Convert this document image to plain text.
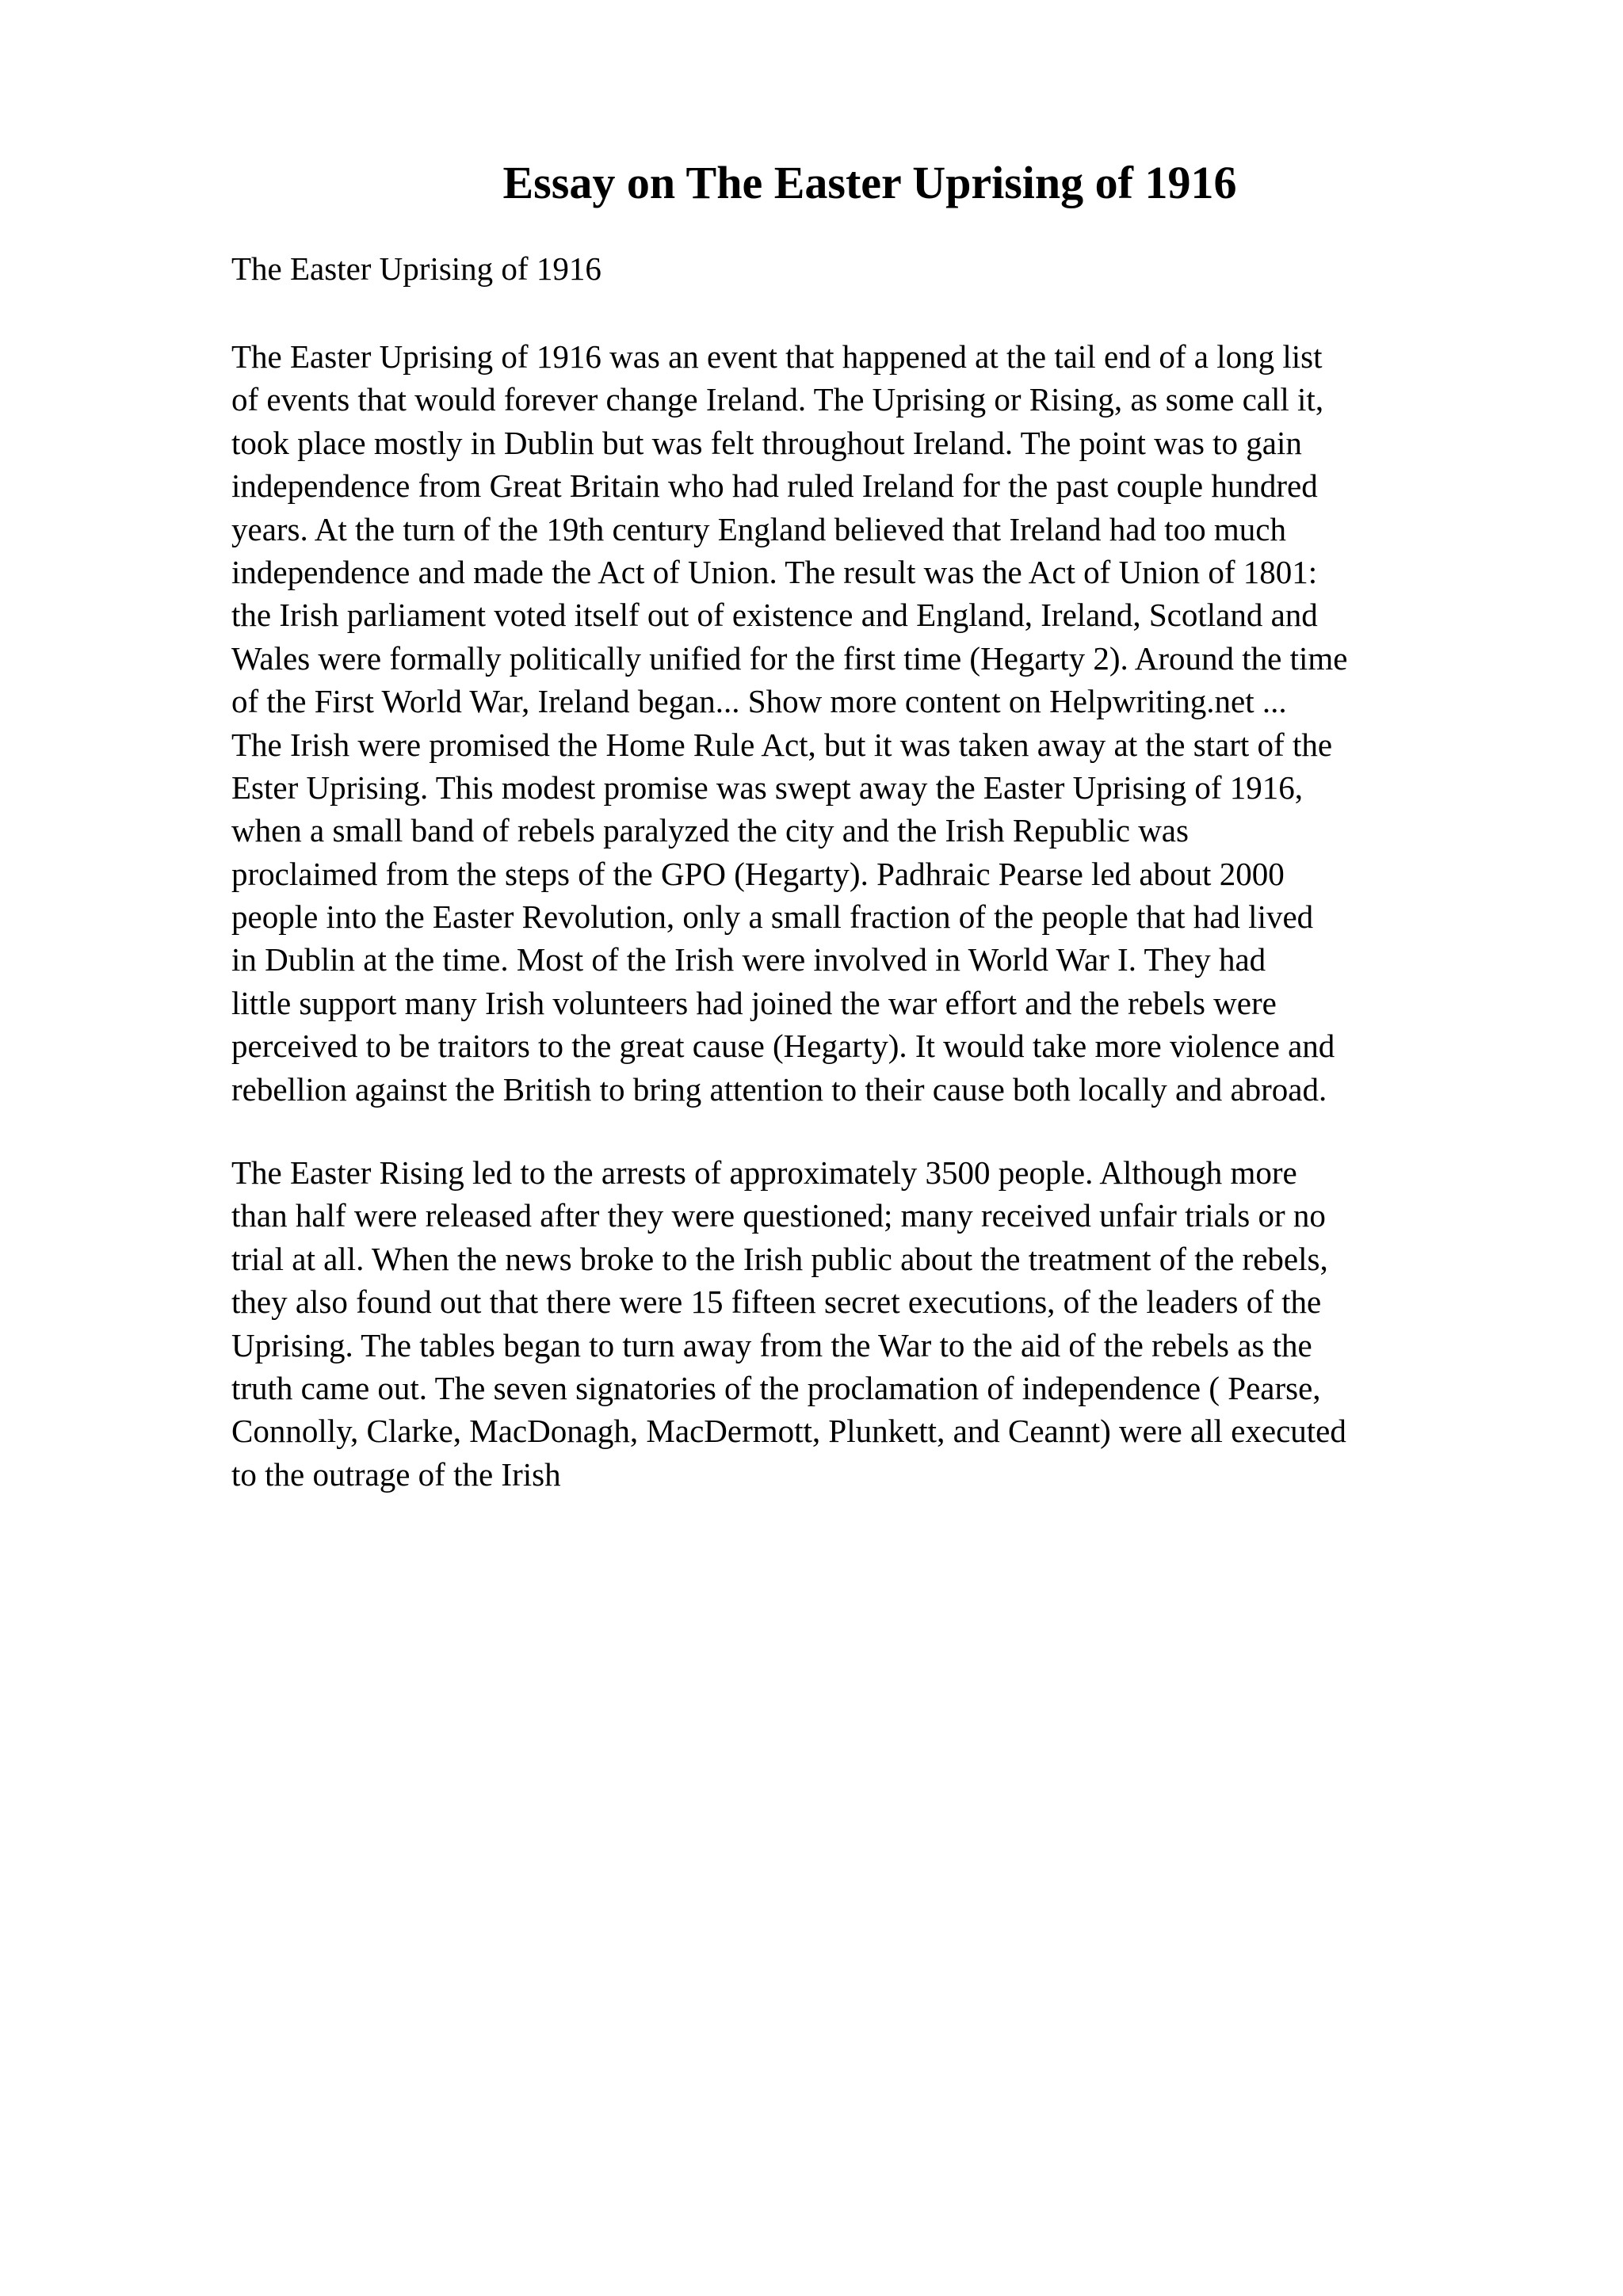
Essay on The Easter Uprising of 1916

The Easter Uprising of 1916

The Easter Uprising of 1916 was an event that happened at the tail end of a long list
of events that would forever change Ireland. The Uprising or Rising, as some call it,
took place mostly in Dublin but was felt throughout Ireland. The point was to gain
independence from Great Britain who had ruled Ireland for the past couple hundred
years. At the turn of the 19th century England believed that Ireland had too much
independence and made the Act of Union. The result was the Act of Union of 1801:
the Irish parliament voted itself out of existence and England, Ireland, Scotland and
Wales were formally politically unified for the first time (Hegarty 2). Around the time
of the First World War, Ireland began... Show more content on Helpwriting.net ...
The Irish were promised the Home Rule Act, but it was taken away at the start of the
Ester Uprising. This modest promise was swept away the Easter Uprising of 1916,
when a small band of rebels paralyzed the city and the Irish Republic was
proclaimed from the steps of the GPO (Hegarty). Padhraic Pearse led about 2000
people into the Easter Revolution, only a small fraction of the people that had lived
in Dublin at the time. Most of the Irish were involved in World War I. They had
little support many Irish volunteers had joined the war effort and the rebels were
perceived to be traitors to the great cause (Hegarty). It would take more violence and
rebellion against the British to bring attention to their cause both locally and abroad.
The Easter Rising led to the arrests of approximately 3500 people. Although more
than half were released after they were questioned; many received unfair trials or no
trial at all. When the news broke to the Irish public about the treatment of the rebels,
they also found out that there were 15 fifteen secret executions, of the leaders of the
Uprising. The tables began to turn away from the War to the aid of the rebels as the
truth came out. The seven signatories of the proclamation of independence ( Pearse,
Connolly, Clarke, MacDonagh, MacDermott, Plunkett, and Ceannt) were all executed
to the outrage of the Irish
